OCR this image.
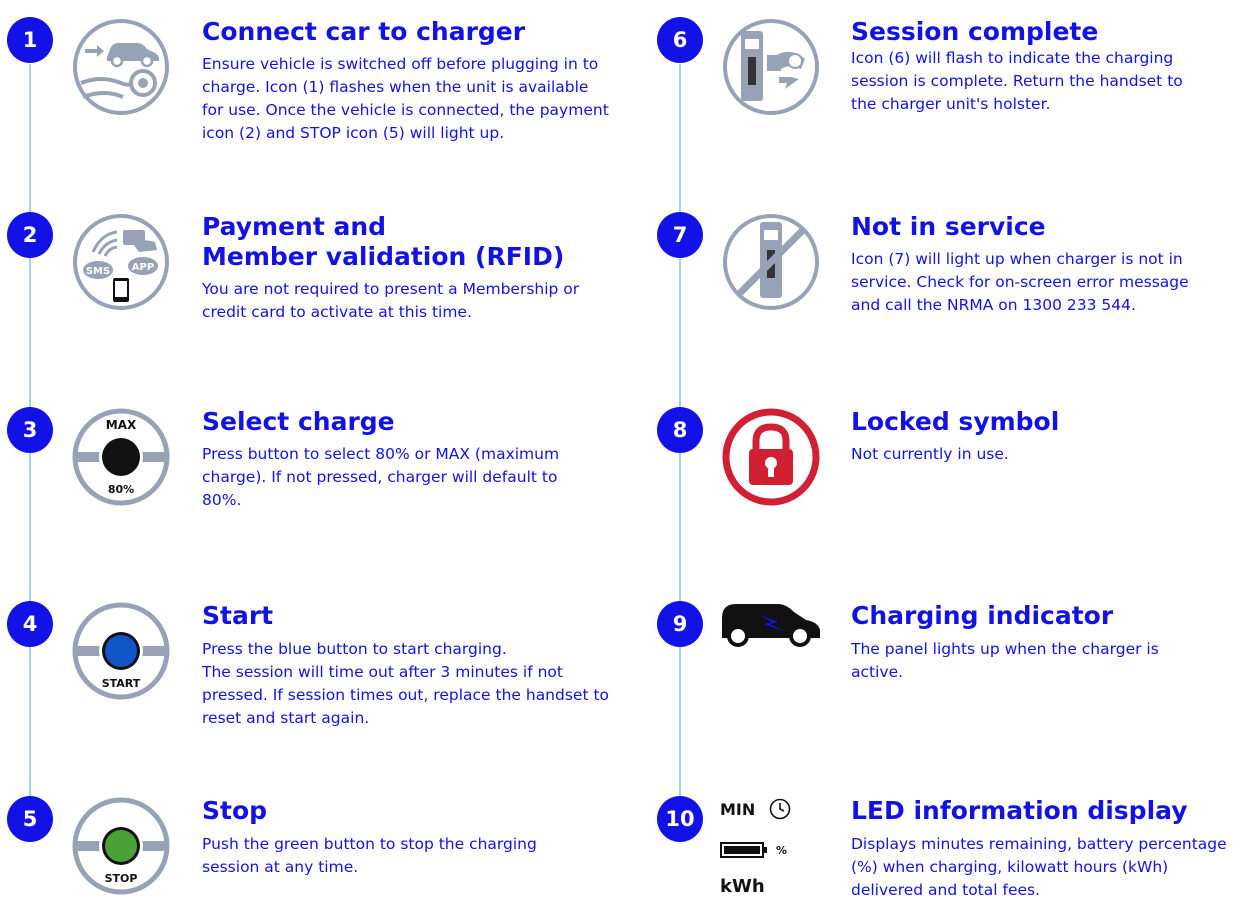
1	Connect car to charger
Ensure vehicle is switched off before plugging in to charge. Icon (1) flashes when the unit is available for use. Once the vehicle is connected, the payment icon (2) and STOP icon (5) will light up.
2
SMS APP
Payment and
Member validation (RFID)
You are not required to present a Membership or credit card to activate at this time.
3	MAX
80%
Select charge
Press button to select 80% or MAX (maximum charge). If not pressed, charger will default to 80%.
4
START
Start
Press the blue button to start charging.
The session will time out after 3 minutes if not pressed. If session times out, replace the handset to reset and start again.
5
STOP
Stop
Push the green button to stop the charging session at any time.
6	Session complete
Icon (6) will flash to indicate the charging session is complete. Return the handset to the charger unit's holster.
7	Not in service
Icon (7) will light up when charger is not in service. Check for on-screen error message and call the NRMA on 1300 233 544.
8	Locked symbol
Not currently in use.
9	Charging indicator
The panel lights up when the charger is active.
10	MIN
%
kWh
LED information display
Displays minutes remaining, battery percentage (%) when charging, kilowatt hours (kWh) delivered and total fees.
